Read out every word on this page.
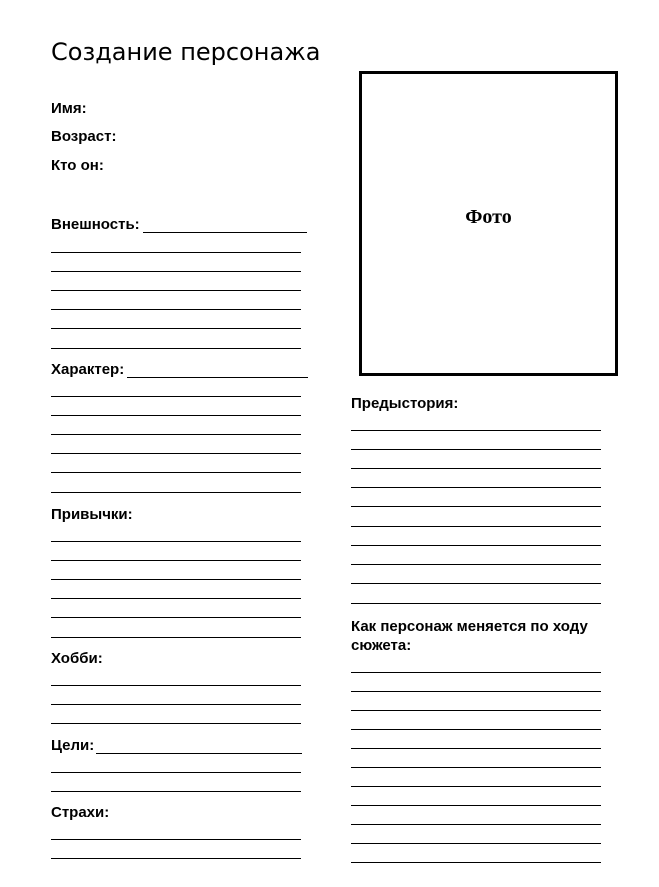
Создание персонажа
Имя:
Возраст:
Кто он:
Внешность:
Характер:
Привычки:
Хобби:
Цели:
Страхи:
Фото
Предыстория:
Как персонаж меняется по ходу сюжета:
